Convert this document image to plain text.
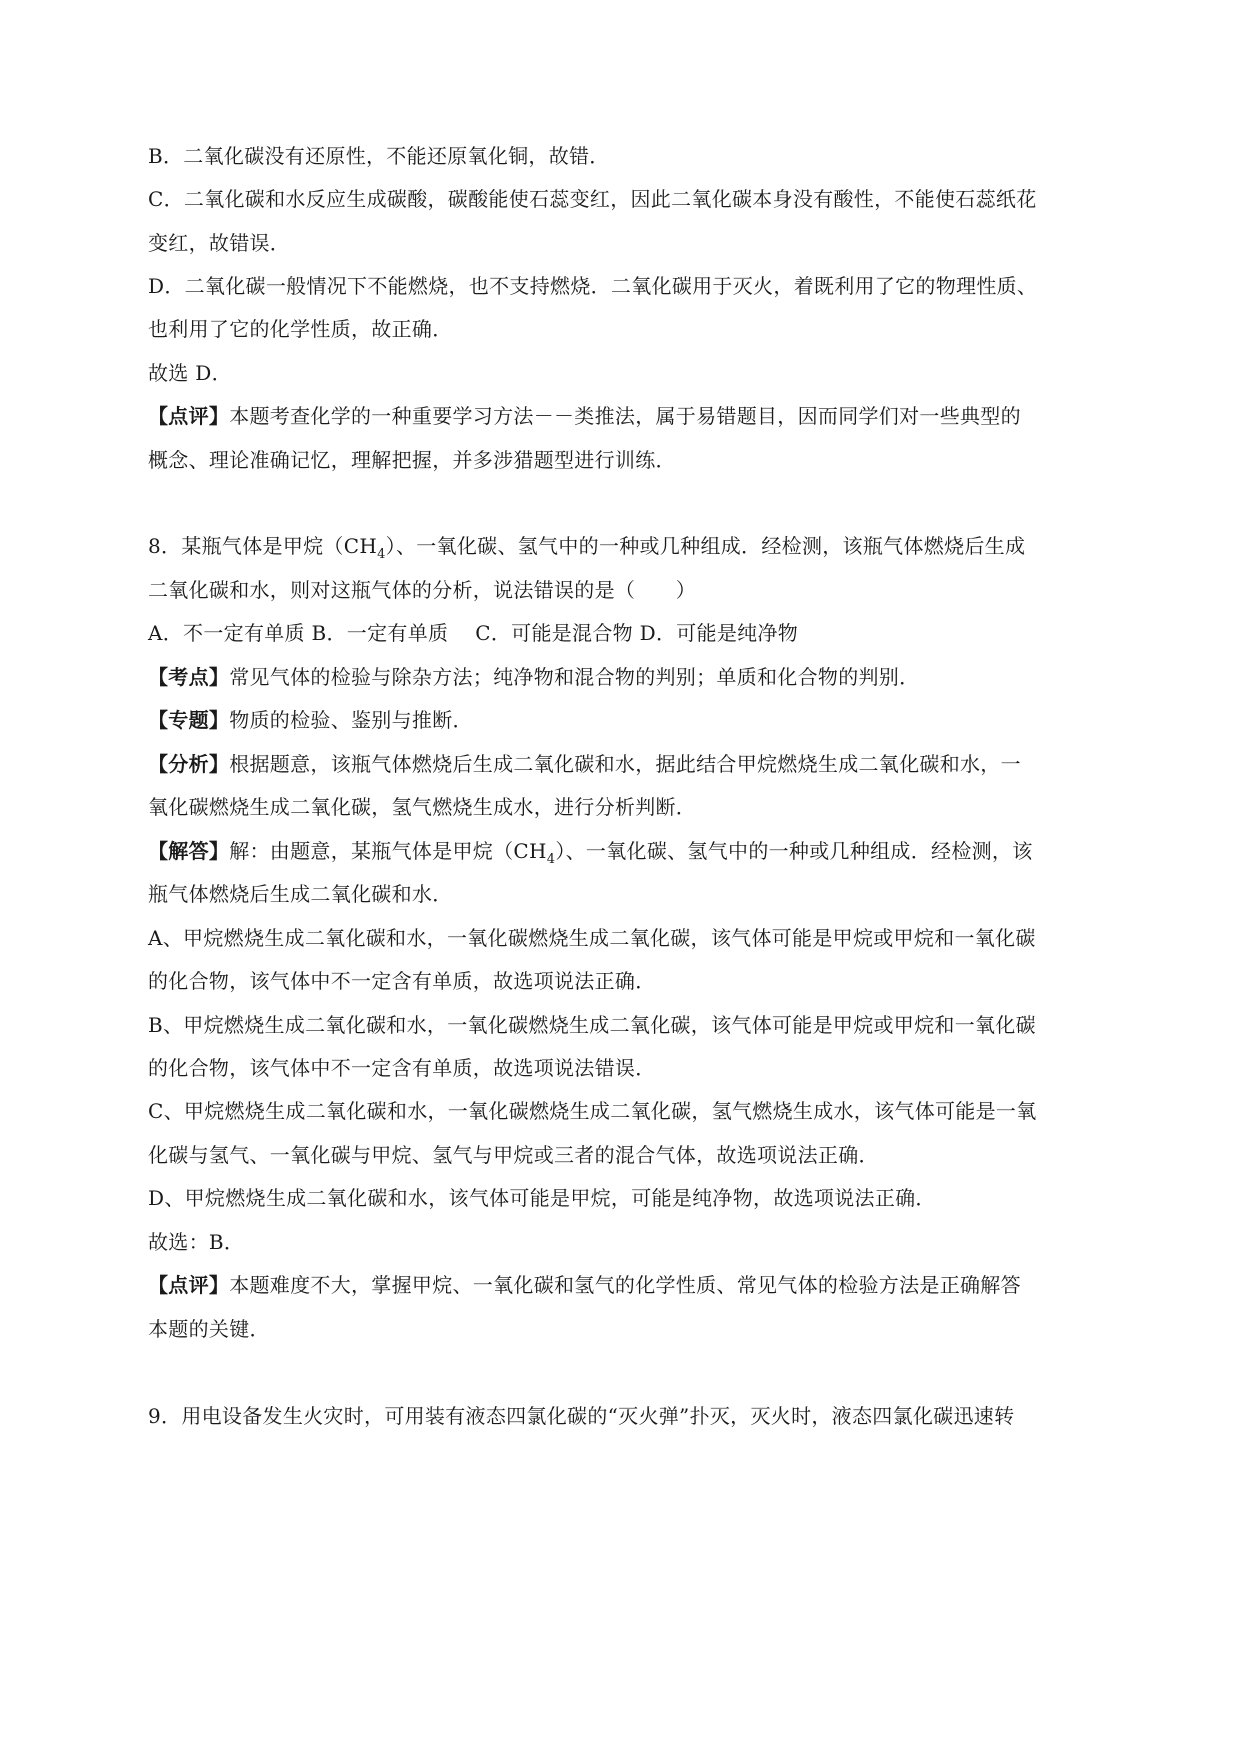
B．二氧化碳没有还原性，不能还原氧化铜，故错．
C．二氧化碳和水反应生成碳酸，碳酸能使石蕊变红，因此二氧化碳本身没有酸性，不能使石蕊纸花
变红，故错误．
D．二氧化碳一般情况下不能燃烧，也不支持燃烧．二氧化碳用于灭火，着既利用了它的物理性质、
也利用了它的化学性质，故正确．
故选 D．
【点评】本题考查化学的一种重要学习方法－－类推法，属于易错题目，因而同学们对一些典型的
概念、理论准确记忆，理解把握，并多涉猎题型进行训练．
8．某瓶气体是甲烷$(CH_4)$、一氧化碳、氢气中的一种或几种组成．经检测，该瓶气体燃烧后生成
二氧化碳和水，则对这瓶气体的分析，说法错误的是（　　）
A．不一定有单质 B．一定有单质　 C．可能是混合物 D．可能是纯净物
【考点】常见气体的检验与除杂方法；纯净物和混合物的判别；单质和化合物的判别．
【专题】物质的检验、鉴别与推断．
【分析】根据题意，该瓶气体燃烧后生成二氧化碳和水，据此结合甲烷燃烧生成二氧化碳和水，一
氧化碳燃烧生成二氧化碳，氢气燃烧生成水，进行分析判断．
【解答】解：由题意，某瓶气体是甲烷$(CH_4)$、一氧化碳、氢气中的一种或几种组成．经检测，该
瓶气体燃烧后生成二氧化碳和水．
A、甲烷燃烧生成二氧化碳和水，一氧化碳燃烧生成二氧化碳，该气体可能是甲烷或甲烷和一氧化碳
的化合物，该气体中不一定含有单质，故选项说法正确．
B、甲烷燃烧生成二氧化碳和水，一氧化碳燃烧生成二氧化碳，该气体可能是甲烷或甲烷和一氧化碳
的化合物，该气体中不一定含有单质，故选项说法错误．
C、甲烷燃烧生成二氧化碳和水，一氧化碳燃烧生成二氧化碳，氢气燃烧生成水，该气体可能是一氧
化碳与氢气、一氧化碳与甲烷、氢气与甲烷或三者的混合气体，故选项说法正确．
D、甲烷燃烧生成二氧化碳和水，该气体可能是甲烷，可能是纯净物，故选项说法正确．
故选：B．
【点评】本题难度不大，掌握甲烷、一氧化碳和氢气的化学性质、常见气体的检验方法是正确解答
本题的关键．
9．用电设备发生火灾时，可用装有液态四氯化碳的“灭火弹”扑灭，灭火时，液态四氯化碳迅速转
